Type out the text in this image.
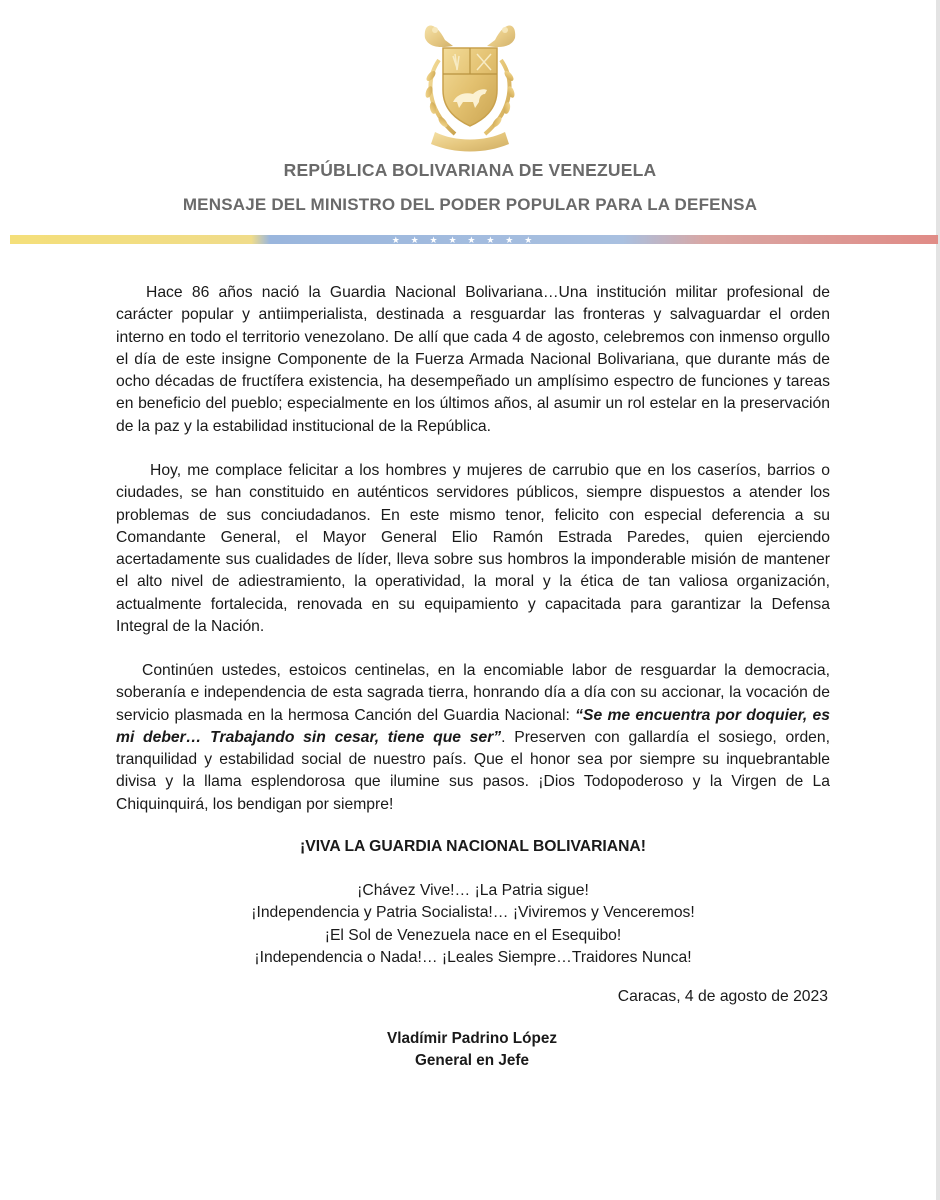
REPÚBLICA BOLIVARIANA DE VENEZUELA
MENSAJE DEL MINISTRO DEL PODER POPULAR PARA LA DEFENSA
★ ★ ★ ★ ★ ★ ★ ★

Hace 86 años nació la Guardia Nacional Bolivariana…Una institución militar profesional de carácter popular y antiimperialista, destinada a resguardar las fronteras y salvaguardar el orden interno en todo el territorio venezolano. De allí que cada 4 de agosto, celebremos con inmenso orgullo el día de este insigne Componente de la Fuerza Armada Nacional Bolivariana, que durante más de ocho décadas de fructífera existencia, ha desempeñado un amplísimo espectro de funciones y tareas en beneficio del pueblo; especialmente en los últimos años, al asumir un rol estelar en la preservación de la paz y la estabilidad institucional de la República.

Hoy, me complace felicitar a los hombres y mujeres de carrubio que en los caseríos, barrios o ciudades, se han constituido en auténticos servidores públicos, siempre dispuestos a atender los problemas de sus conciudadanos. En este mismo tenor, felicito con especial deferencia a su Comandante General, el Mayor General Elio Ramón Estrada Paredes, quien ejerciendo acertadamente sus cualidades de líder, lleva sobre sus hombros la imponderable misión de mantener el alto nivel de adiestramiento, la operatividad, la moral y la ética de tan valiosa organización, actualmente fortalecida, renovada en su equipamiento y capacitada para garantizar la Defensa Integral de la Nación.

Continúen ustedes, estoicos centinelas, en la encomiable labor de resguardar la democracia, soberanía e independencia de esta sagrada tierra, honrando día a día con su accionar, la vocación de servicio plasmada en la hermosa Canción del Guardia Nacional: “Se me encuentra por doquier, es mi deber… Trabajando sin cesar, tiene que ser”. Preserven con gallardía el sosiego, orden, tranquilidad y estabilidad social de nuestro país. Que el honor sea por siempre su inquebrantable divisa y la llama esplendorosa que ilumine sus pasos. ¡Dios Todopoderoso y la Virgen de La Chiquinquirá, los bendigan por siempre!

¡VIVA LA GUARDIA NACIONAL BOLIVARIANA!
¡Chávez Vive!… ¡La Patria sigue!
¡Independencia y Patria Socialista!… ¡Viviremos y Venceremos!
¡El Sol de Venezuela nace en el Esequibo!
¡Independencia o Nada!… ¡Leales Siempre…Traidores Nunca!
Caracas, 4 de agosto de 2023
Vladímir Padrino López
General en Jefe
